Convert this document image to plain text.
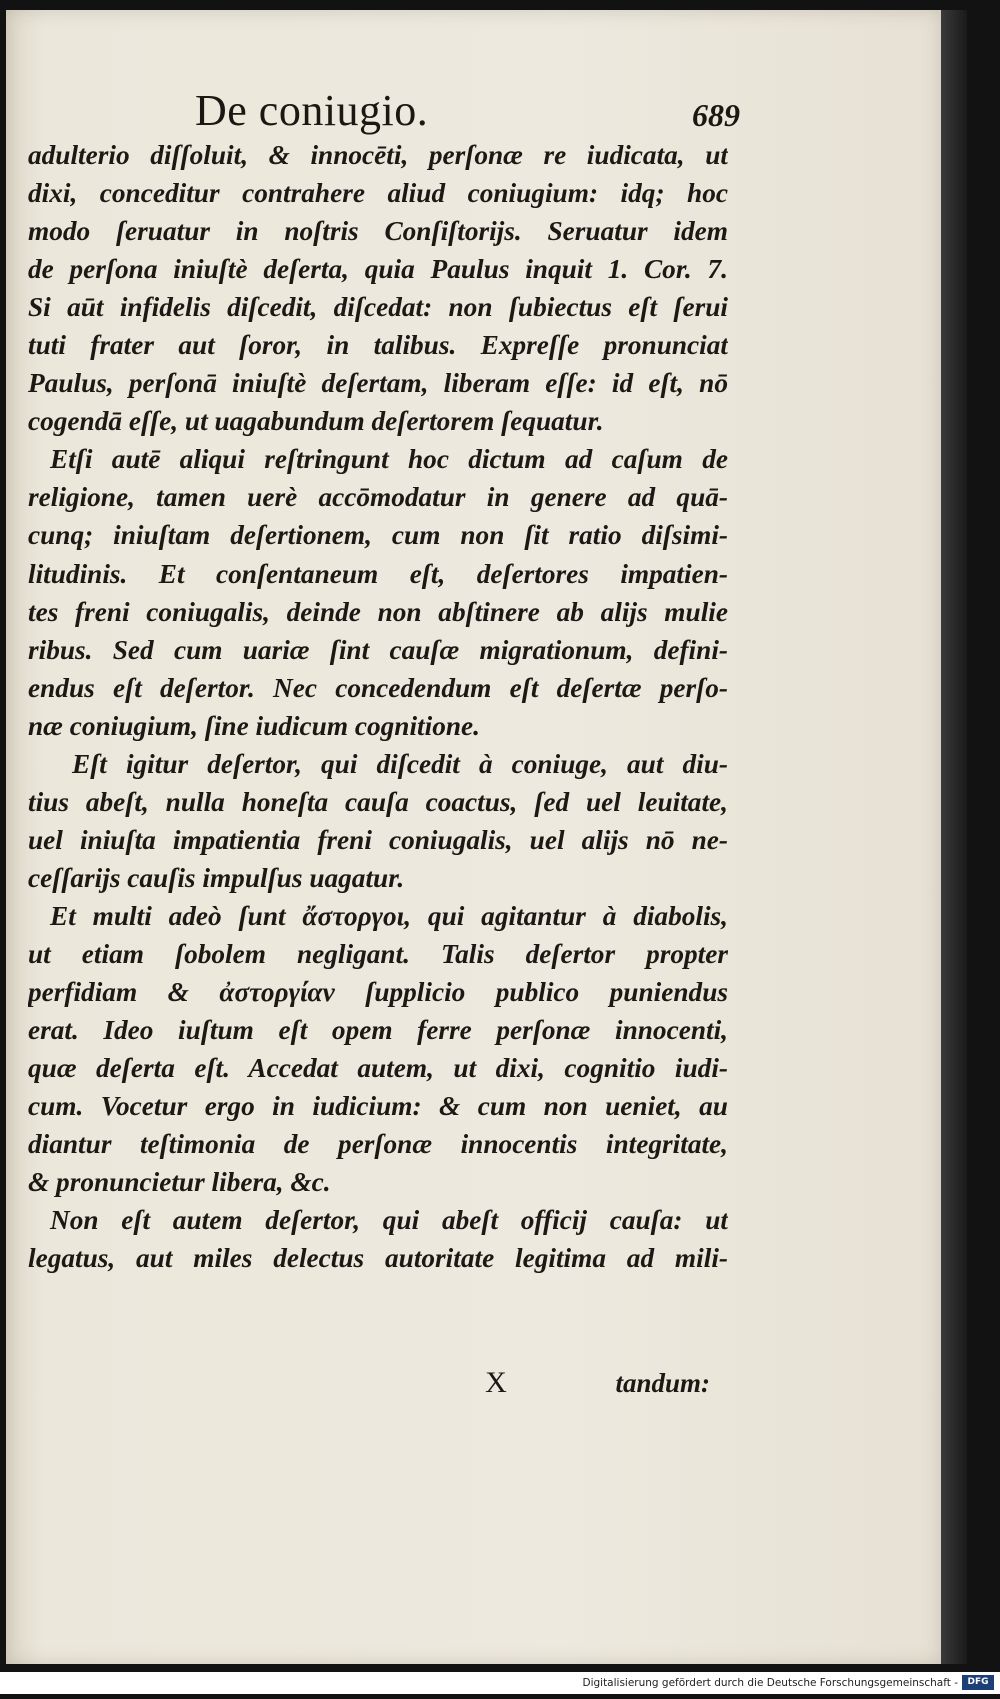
De coniugio.	689
adulterio diſſoluit, & innocēti, perſonæ re iudicata, ut
dixi, conceditur contrahere aliud coniugium: idq; hoc
modo ſeruatur in noſtris Conſiſtorijs. Seruatur idem
de perſona iniuſtè deſerta, quia Paulus inquit 1. Cor. 7.
Si aūt infidelis diſcedit, diſcedat: non ſubiectus eſt ſerui
tuti frater aut ſoror, in talibus. Expreſſe pronunciat
Paulus, perſonā iniuſtè deſertam, liberam eſſe: id eſt, nō
cogendā eſſe, ut uagabundum deſertorem ſequatur.
Etſi autē aliqui reſtringunt hoc dictum ad caſum de
religione, tamen uerè accōmodatur in genere ad quā-
cunq; iniuſtam deſertionem, cum non ſit ratio diſsimi-
litudinis. Et conſentaneum eſt, deſertores impatien-
tes freni coniugalis, deinde non abſtinere ab alijs mulie
ribus. Sed cum uariæ ſint cauſæ migrationum, defini-
endus eſt deſertor. Nec concedendum eſt deſertæ perſo-
næ coniugium, ſine iudicum cognitione.
Eſt igitur deſertor, qui diſcedit à coniuge, aut diu-
tius abeſt, nulla honeſta cauſa coactus, ſed uel leuitate,
uel iniuſta impatientia freni coniugalis, uel alijs nō ne-
ceſſarijs cauſis impulſus uagatur.
Et multi adeò ſunt ἄστοργοι, qui agitantur à diabolis,
ut etiam ſobolem negligant. Talis deſertor propter
perfidiam & ἀστοργίαν ſupplicio publico puniendus
erat. Ideo iuſtum eſt opem ferre perſonæ innocenti,
quæ deſerta eſt. Accedat autem, ut dixi, cognitio iudi-
cum. Vocetur ergo in iudicium: & cum non ueniet, au
diantur teſtimonia de perſonæ innocentis integritate,
& pronuncietur libera, &c.
Non eſt autem deſertor, qui abeſt officij cauſa: ut
legatus, aut miles delectus autoritate legitima ad mili-
X	tandum:
Digitalisierung gefördert durch die Deutsche Forschungsgemeinschaft -	DFG
